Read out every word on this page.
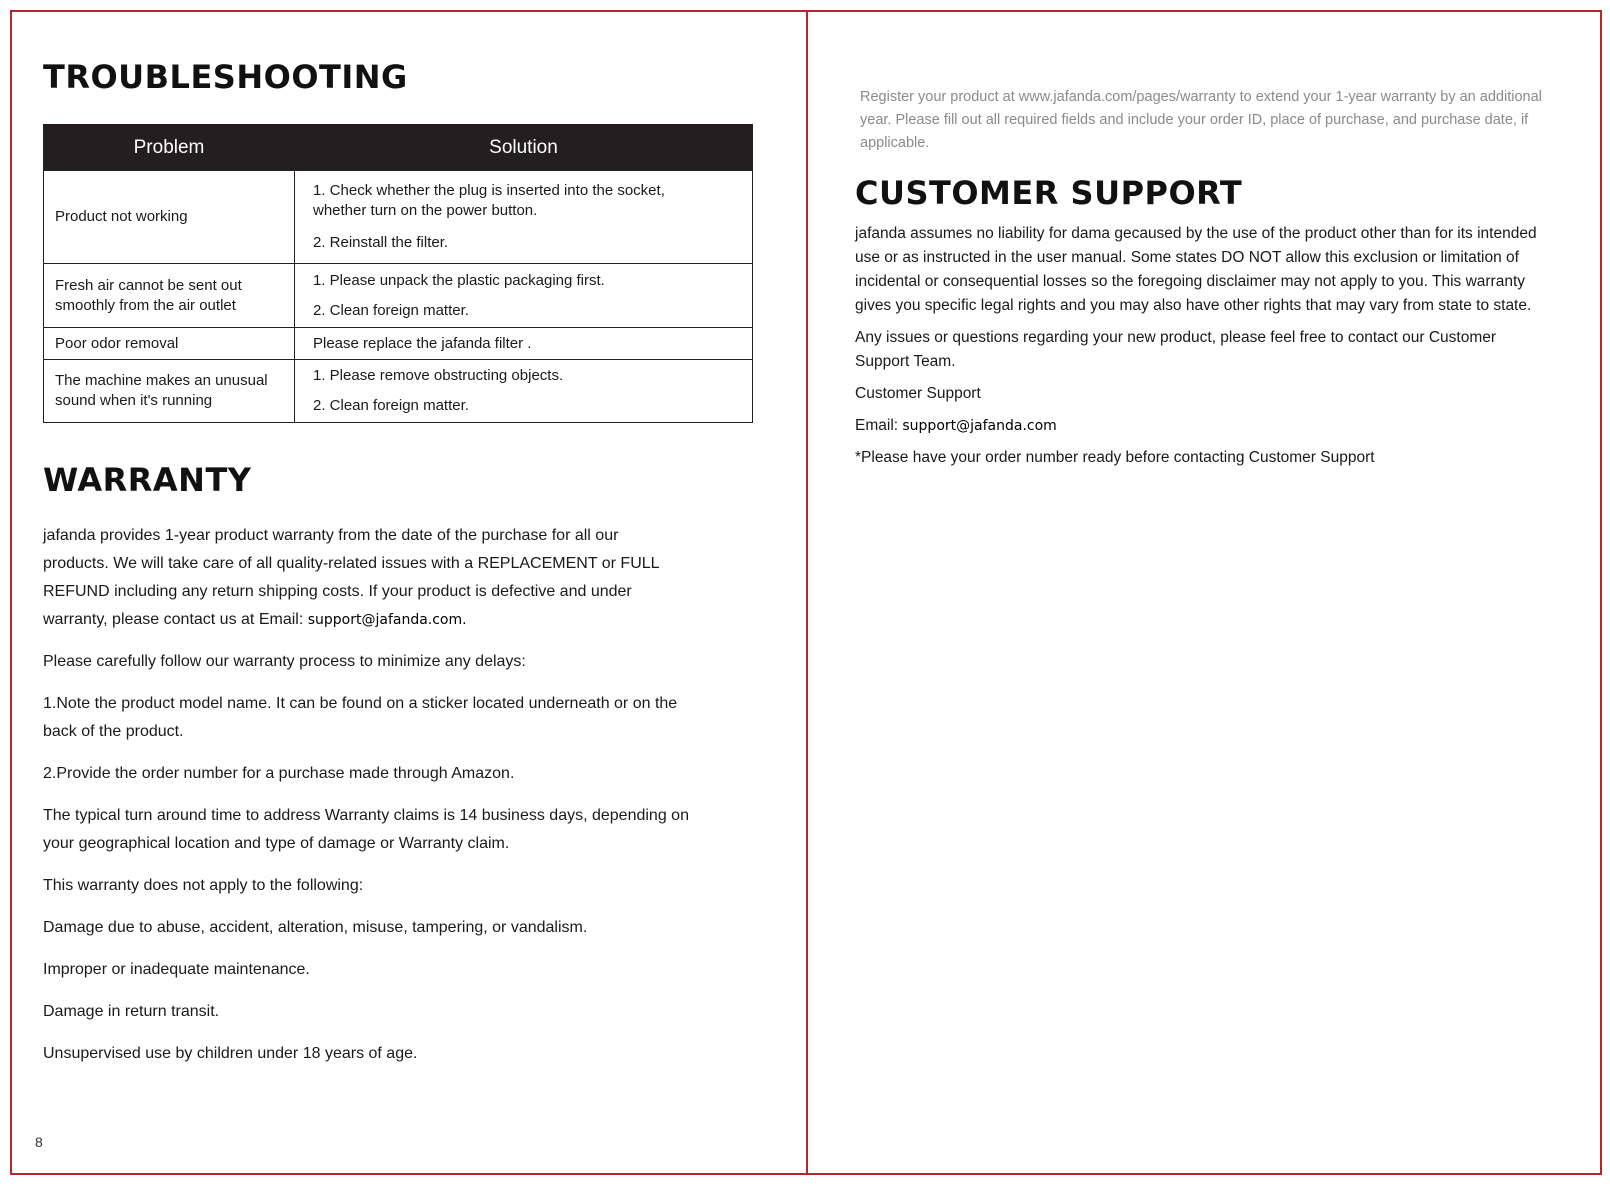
TROUBLESHOOTING
Problem	Solution
Product not working	1. Check whether the plug is inserted into the socket, whether turn on the power button.
2. Reinstall the filter.

Fresh air cannot be sent out smoothly from the air outlet	1. Please unpack the plastic packaging first.
2. Clean foreign matter.

Poor odor removal	Please replace the jafanda filter .

The machine makes an unusual sound when it's running	1. Please remove obstructing objects.
2. Clean foreign matter.
WARRANTY

jafanda provides 1-year product warranty from the date of the purchase for all our products. We will take care of all quality-related issues with a REPLACEMENT or FULL REFUND including any return shipping costs. If your product is defective and under warranty, please contact us at Email: support@jafanda.com.

Please carefully follow our warranty process to minimize any delays:

1.Note the product model name. It can be found on a sticker located underneath or on the back of the product.

2.Provide the order number for a purchase made through Amazon.

The typical turn around time to address Warranty claims is 14 business days, depending on your geographical location and type of damage or Warranty claim.

This warranty does not apply to the following:

Damage due to abuse, accident, alteration, misuse, tampering, or vandalism.

Improper or inadequate maintenance.

Damage in return transit.

Unsupervised use by children under 18 years of age.

8
Register your product at www.jafanda.com/pages/warranty to extend your 1-year warranty by an additional year. Please fill out all required fields and include your order ID, place of purchase, and purchase date, if applicable.
CUSTOMER SUPPORT

jafanda assumes no liability for dama gecaused by the use of the product other than for its intended use or as instructed in the user manual. Some states DO NOT allow this exclusion or limitation of incidental or consequential losses so the foregoing disclaimer may not apply to you. This warranty gives you specific legal rights and you may also have other rights that may vary from state to state.

Any issues or questions regarding your new product, please feel free to contact our Customer Support Team.

Customer Support

Email: support@jafanda.com

*Please have your order number ready before contacting Customer Support
